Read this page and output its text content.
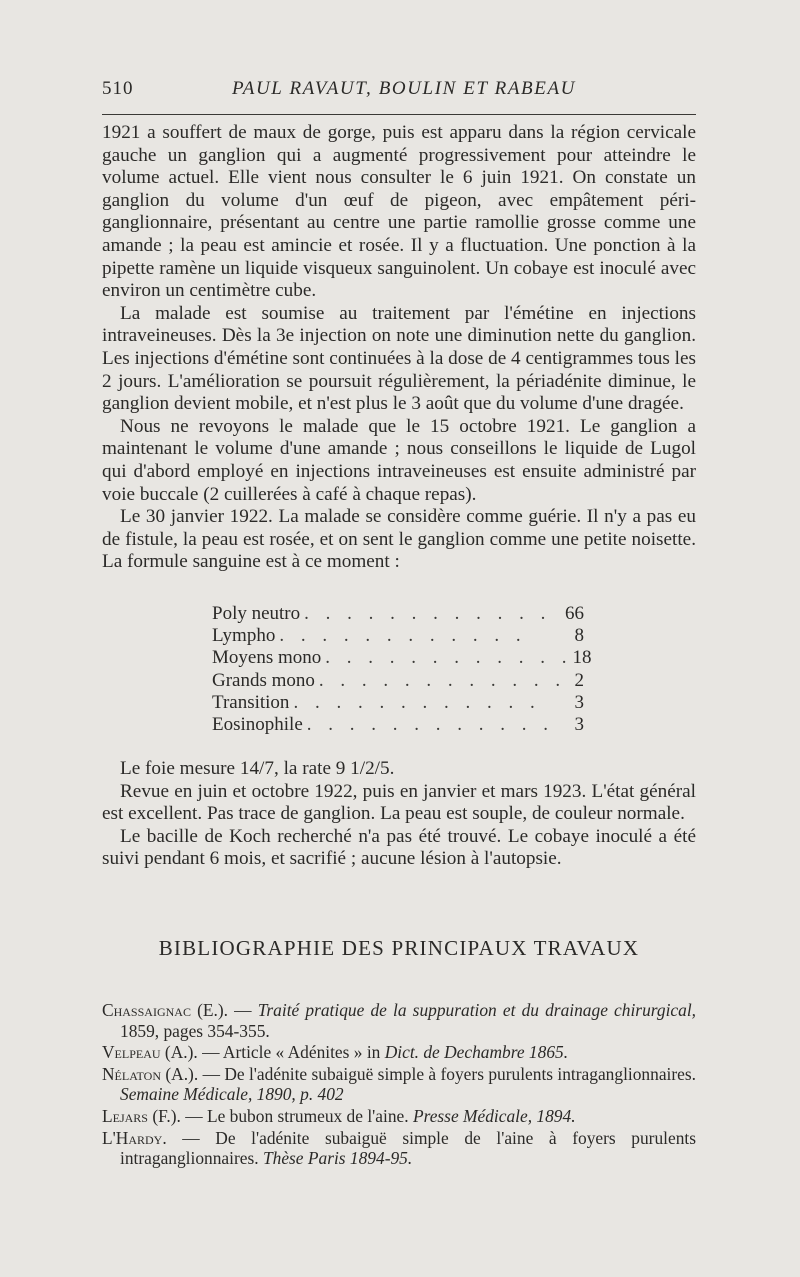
510	PAUL RAVAUT, BOULIN ET RABEAU

1921 a souffert de maux de gorge, puis est apparu dans la région cervicale gauche un ganglion qui a augmenté progressivement pour atteindre le volume actuel. Elle vient nous consulter le 6 juin 1921. On constate un ganglion du volume d'un œuf de pigeon, avec empâtement péri-ganglionnaire, présentant au centre une partie ramollie grosse comme une amande ; la peau est amincie et rosée. Il y a fluctuation. Une ponction à la pipette ramène un liquide visqueux sanguinolent. Un cobaye est inoculé avec environ un centimètre cube.

La malade est soumise au traitement par l'émétine en injections intraveineuses. Dès la 3e injection on note une diminution nette du ganglion. Les injections d'émétine sont continuées à la dose de 4 centigrammes tous les 2 jours. L'amélioration se poursuit régulièrement, la périadénite diminue, le ganglion devient mobile, et n'est plus le 3 août que du volume d'une dragée.

Nous ne revoyons le malade que le 15 octobre 1921. Le ganglion a maintenant le volume d'une amande ; nous conseillons le liquide de Lugol qui d'abord employé en injections intraveineuses est ensuite administré par voie buccale (2 cuillerées à café à chaque repas).

Le 30 janvier 1922. La malade se considère comme guérie. Il n'y a pas eu de fistule, la peau est rosée, et on sent le ganglion comme une petite noisette. La formule sanguine est à ce moment :

Poly neutro . . . . . . . . . . . . 66
Lympho . . . . . . . . . . . .	8
Moyens mono . . . . . . . . . . . . 18
Grands mono . . . . . . . . . . . . 2
Transition . . . . . . . . . . . .	3
Eosinophile . . . . . . . . . . . .	3

Le foie mesure 14/7, la rate 9 1/2/5.

Revue en juin et octobre 1922, puis en janvier et mars 1923. L'état général est excellent. Pas trace de ganglion. La peau est souple, de couleur normale.

Le bacille de Koch recherché n'a pas été trouvé. Le cobaye inoculé a été suivi pendant 6 mois, et sacrifié ; aucune lésion à l'autopsie.

BIBLIOGRAPHIE DES PRINCIPAUX TRAVAUX

Chassaignac (E.). — Traité pratique de la suppuration et du drainage chirurgical, 1859, pages 354-355.

Velpeau (A.). — Article « Adénites » in Dict. de Dechambre 1865.

Nélaton (A.). — De l'adénite subaiguë simple à foyers purulents intraganglionnaires. Semaine Médicale, 1890, p. 402

Lejars (F.). — Le bubon strumeux de l'aine. Presse Médicale, 1894.

L'Hardy. — De l'adénite subaiguë simple de l'aine à foyers purulents intraganglionnaires. Thèse Paris 1894-95.
